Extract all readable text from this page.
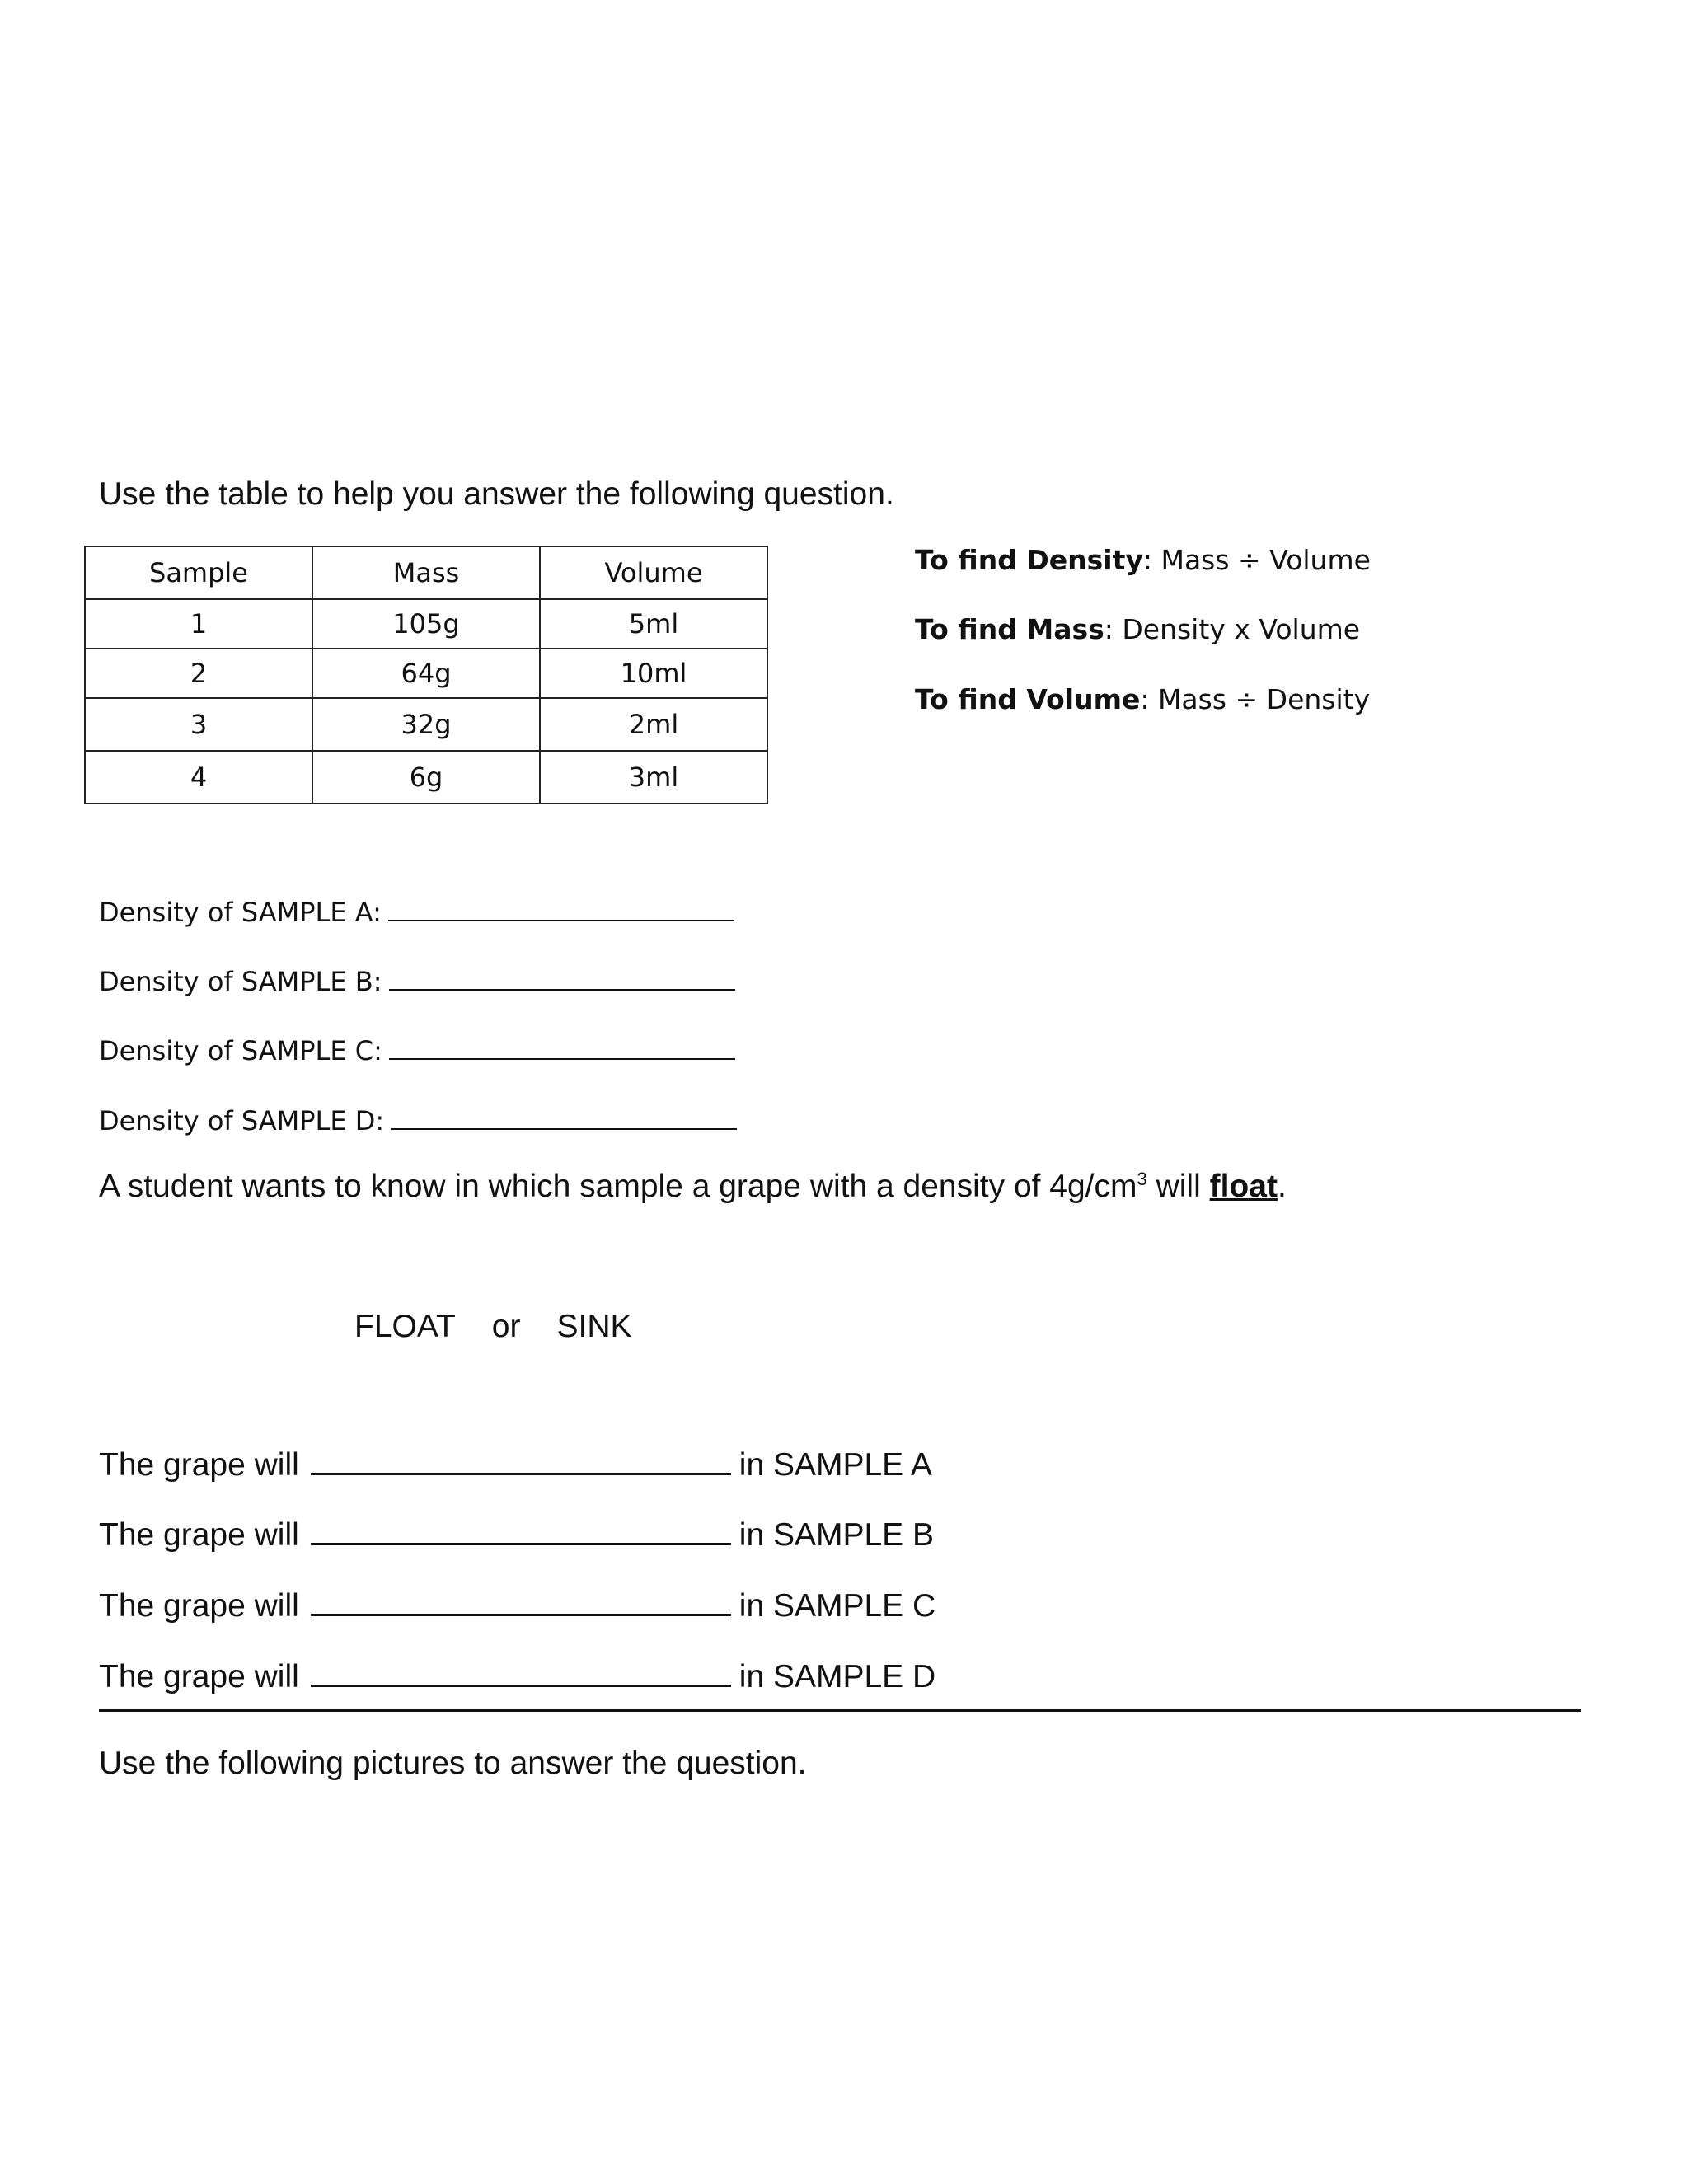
Use the table to help you answer the following question.
Sample	Mass	Volume
1	105g	5ml
2	64g	10ml
3	32g	2ml
4	6g	3ml
To find Density: Mass ÷ Volume
To find Mass: Density x Volume
To find Volume: Mass ÷ Density
Density of SAMPLE A:
Density of SAMPLE B:
Density of SAMPLE C:
Density of SAMPLE D:
A student wants to know in which sample a grape with a density of $4g/cm^3$ will float.
FLOAT or SINK
The grape will	in SAMPLE A
The grape will	in SAMPLE B
The grape will	in SAMPLE C
The grape will	in SAMPLE D
Use the following pictures to answer the question.
